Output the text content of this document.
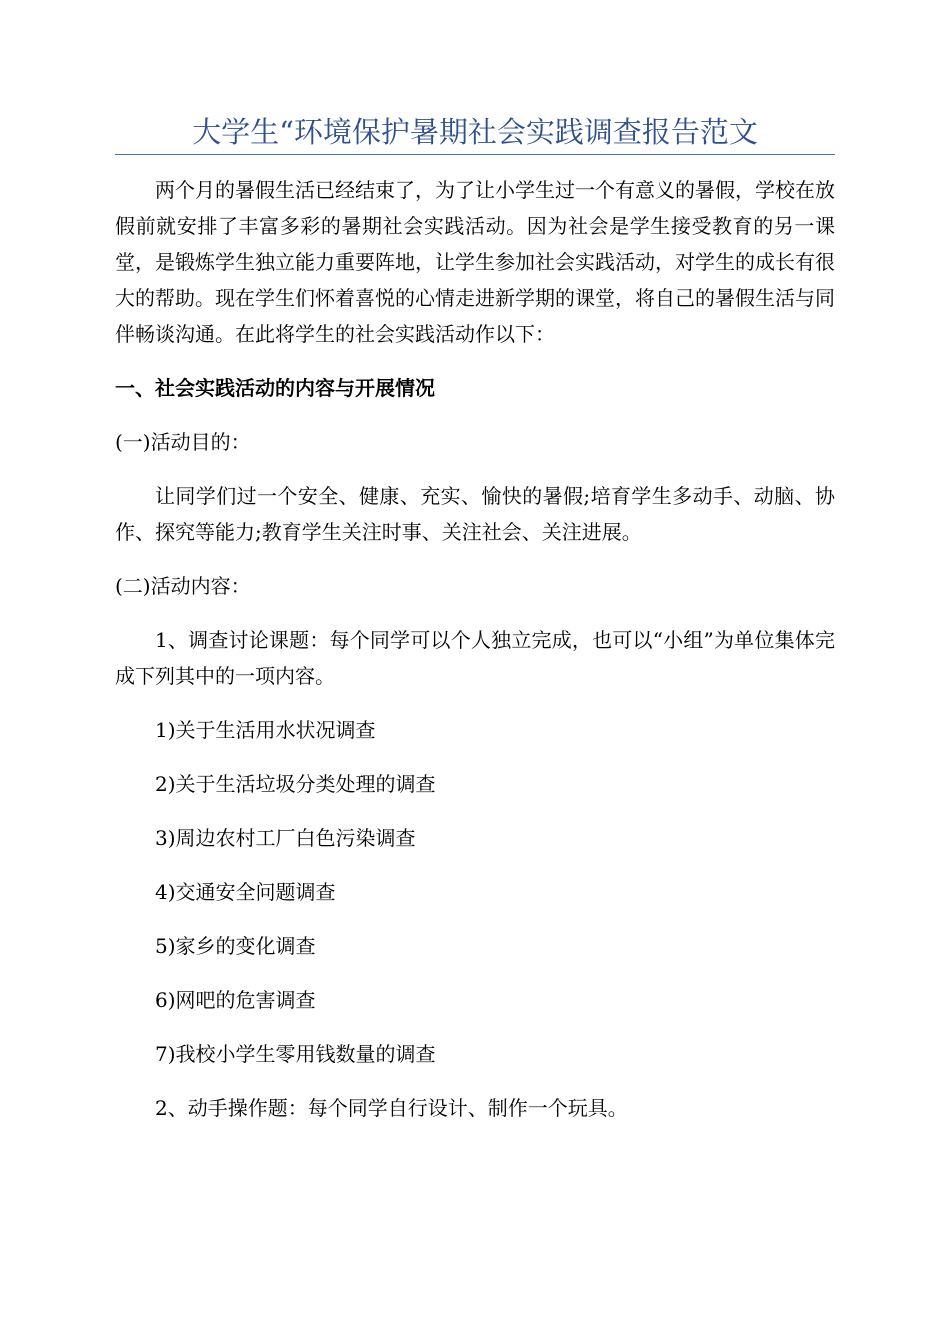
大学生“环境保护暑期社会实践调查报告范文

两个月的暑假生活已经结束了，为了让小学生过一个有意义的暑假，学校在放假前就安排了丰富多彩的暑期社会实践活动。因为社会是学生接受教育的另一课堂，是锻炼学生独立能力重要阵地，让学生参加社会实践活动，对学生的成长有很大的帮助。现在学生们怀着喜悦的心情走进新学期的课堂，将自己的暑假生活与同伴畅谈沟通。在此将学生的社会实践活动作以下：

一、社会实践活动的内容与开展情况

(一)活动目的：

让同学们过一个安全、健康、充实、愉快的暑假;培育学生多动手、动脑、协作、探究等能力;教育学生关注时事、关注社会、关注进展。

(二)活动内容：

1、调查讨论课题：每个同学可以个人独立完成，也可以“小组”为单位集体完成下列其中的一项内容。

1)关于生活用水状况调查

2)关于生活垃圾分类处理的调查

3)周边农村工厂白色污染调查

4)交通安全问题调查

5)家乡的变化调查

6)网吧的危害调查

7)我校小学生零用钱数量的调查

2、动手操作题：每个同学自行设计、制作一个玩具。
